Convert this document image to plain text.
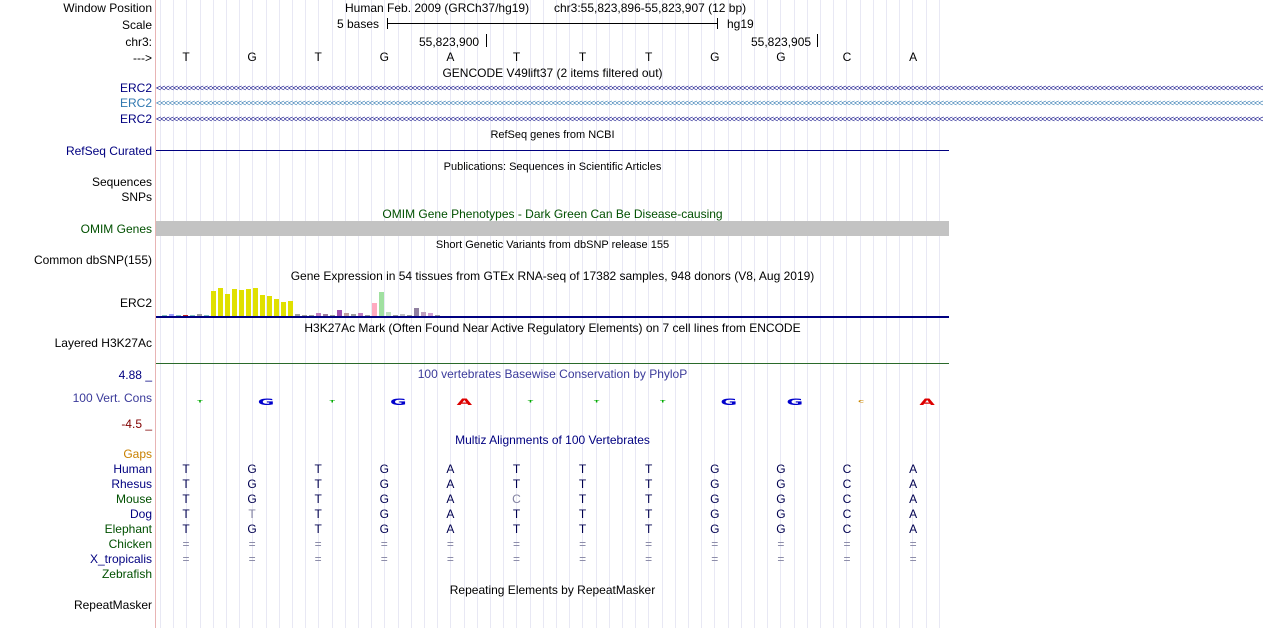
Window Position	Human Feb. 2009 (GRCh37/hg19) chr3:55,823,896-55,823,907 (12 bp)
Scale	5 bases	hg19
chr3:	55,823,900	55,823,905
--->	T	G	T	G	A	T	T	T	G	G	C	A
GENCODE V49lift37 (2 items filtered out)
ERC2
ERC2
ERC2
<<<<<<<<<<<<<<<<<<<<<<<<<<<<<<<<<<<<<<<<<<<<<<<<<<<<<<<<<<<<<<<<<<<<<<<<<<<<<<<<<<<<<<<<<<<<<<<<<<<<<<<<<<<<<<<<<<<<<<<<<<<<<<<<<<<<<<<<<<<<<<<<<<<<<<<<<<<<<<<<<<<<<<<<<<<<<<<<<<<<<<<<<<<<<<<<<<<<<<<<<<<<<<<<<<<<<<<<<<<<<<<<<<<<<<<<<<<<<<<<<<<<<<<<<<<<<<<<<<<<
<<<<<<<<<<<<<<<<<<<<<<<<<<<<<<<<<<<<<<<<<<<<<<<<<<<<<<<<<<<<<<<<<<<<<<<<<<<<<<<<<<<<<<<<<<<<<<<<<<<<<<<<<<<<<<<<<<<<<<<<<<<<<<<<<<<<<<<<<<<<<<<<<<<<<<<<<<<<<<<<<<<<<<<<<<<<<<<<<<<<<<<<<<<<<<<<<<<<<<<<<<<<<<<<<<<<<<<<<<<<<<<<<<<<<<<<<<<<<<<<<<<<<<<<<<<<<<<<<<<<
<<<<<<<<<<<<<<<<<<<<<<<<<<<<<<<<<<<<<<<<<<<<<<<<<<<<<<<<<<<<<<<<<<<<<<<<<<<<<<<<<<<<<<<<<<<<<<<<<<<<<<<<<<<<<<<<<<<<<<<<<<<<<<<<<<<<<<<<<<<<<<<<<<<<<<<<<<<<<<<<<<<<<<<<<<<<<<<<<<<<<<<<<<<<<<<<<<<<<<<<<<<<<<<<<<<<<<<<<<<<<<<<<<<<<<<<<<<<<<<<<<<<<<<<<<<<<<<<<<<<
RefSeq genes from NCBI
RefSeq Curated
Publications: Sequences in Scientific Articles
Sequences
SNPs
OMIM Gene Phenotypes - Dark Green Can Be Disease-causing
OMIM Genes
Short Genetic Variants from dbSNP release 155
Common dbSNP(155)
Gene Expression in 54 tissues from GTEx RNA-seq of 17382 samples, 948 donors (V8, Aug 2019)
ERC2
H3K27Ac Mark (Often Found Near Active Regulatory Elements) on 7 cell lines from ENCODE
Layered H3K27Ac
100 vertebrates Basewise Conservation by PhyloP
4.88 _
100 Vert. Cons
-4.5 _
T	G	T	G	A	T	T	T	G	G	C	A
Multiz Alignments of 100 Vertebrates
Gaps
Human	T	G	T	G	A	T	T	T	G	G	C	A
Rhesus	T	G	T	G	A	T	T	T	G	G	C	A
Mouse	T	G	T	G	A	C	T	T	G	G	C	A
Dog	T	T	T	G	A	T	T	T	G	G	C	A
Elephant	T	G	T	G	A	T	T	T	G	G	C	A
Chicken	=	=	=	=	=	=	=	=	=	=	=	=
X_tropicalis	=	=	=	=	=	=	=	=	=	=	=	=
Zebrafish
Repeating Elements by RepeatMasker
RepeatMasker
